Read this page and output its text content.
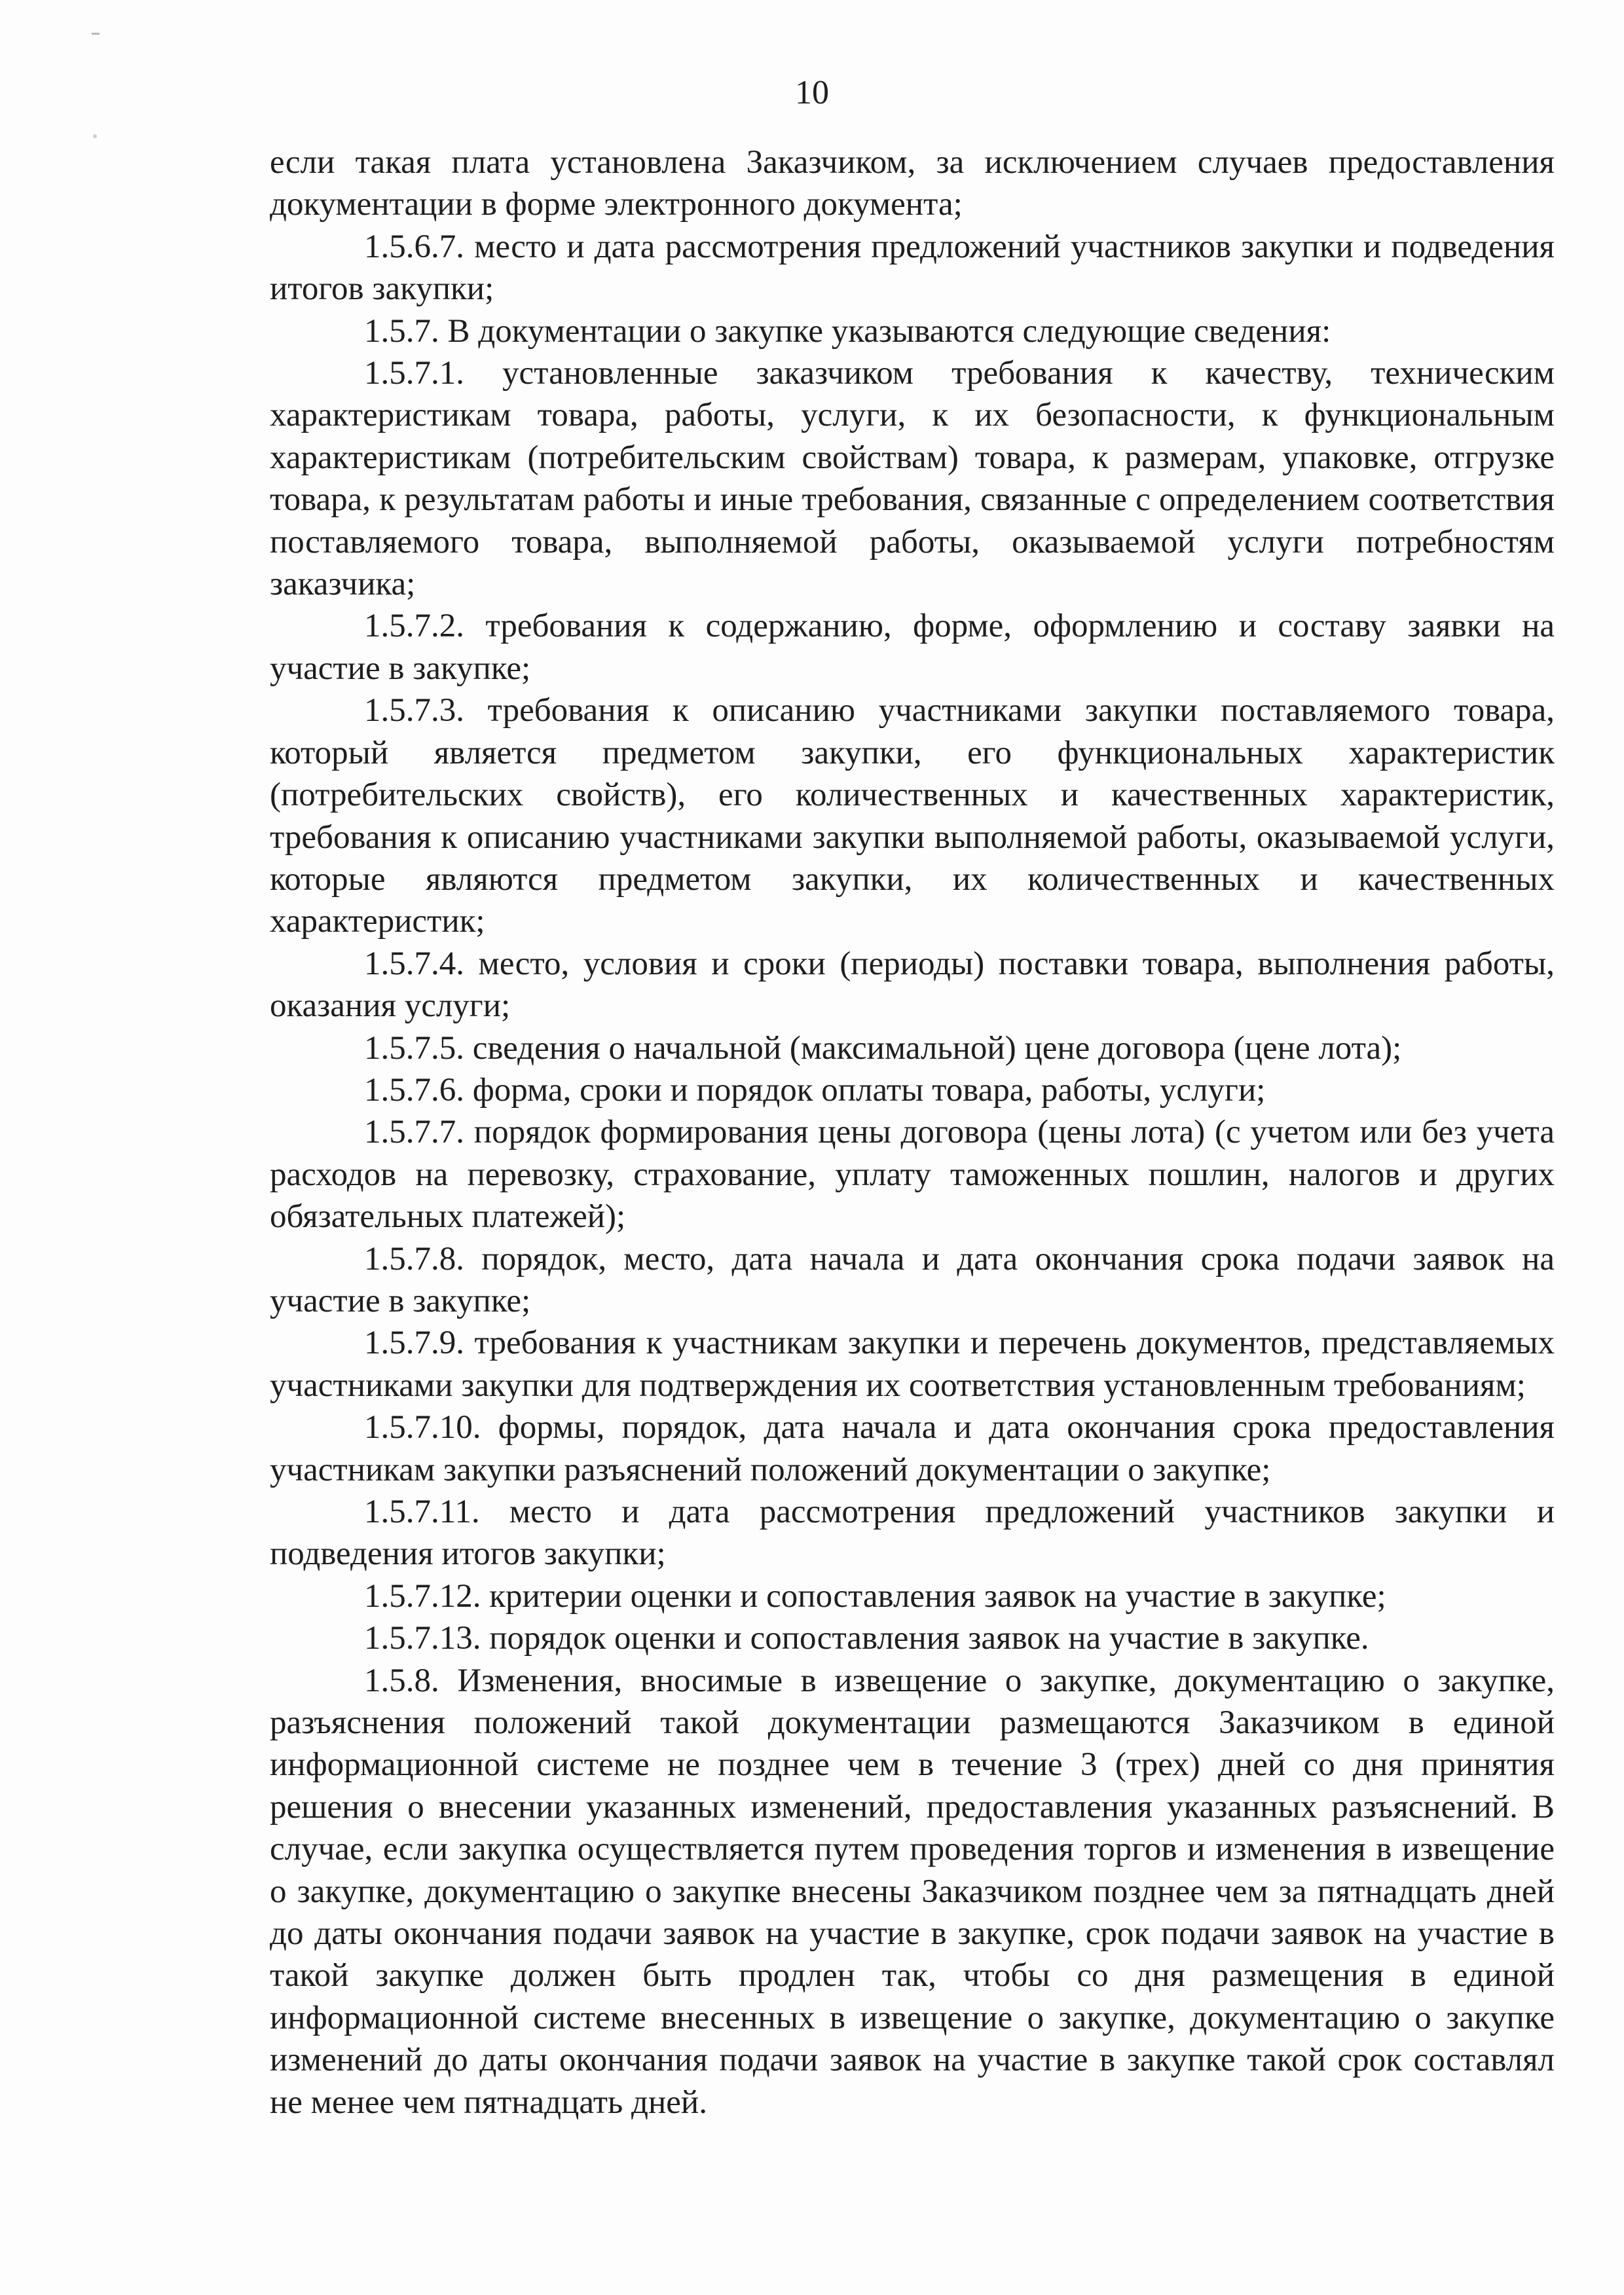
10

если такая плата установлена Заказчиком, за исключением случаев предоставления документации в форме электронного документа;

1.5.6.7. место и дата рассмотрения предложений участников закупки и подведения итогов закупки;

1.5.7. В документации о закупке указываются следующие сведения:

1.5.7.1. установленные заказчиком требования к качеству, техническим характеристикам товара, работы, услуги, к их безопасности, к функциональным характеристикам (потребительским свойствам) товара, к размерам, упаковке, отгрузке товара, к результатам работы и иные требования, связанные с определением соответствия поставляемого товара, выполняемой работы, оказываемой услуги потребностям заказчика;

1.5.7.2. требования к содержанию, форме, оформлению и составу заявки на участие в закупке;

1.5.7.3. требования к описанию участниками закупки поставляемого товара, который является предметом закупки, его функциональных характеристик (потребительских свойств), его количественных и качественных характеристик, требования к описанию участниками закупки выполняемой работы, оказываемой услуги, которые являются предметом закупки, их количественных и качественных характеристик;

1.5.7.4. место, условия и сроки (периоды) поставки товара, выполнения работы, оказания услуги;

1.5.7.5. сведения о начальной (максимальной) цене договора (цене лота);

1.5.7.6. форма, сроки и порядок оплаты товара, работы, услуги;

1.5.7.7. порядок формирования цены договора (цены лота) (с учетом или без учета расходов на перевозку, страхование, уплату таможенных пошлин, налогов и других обязательных платежей);

1.5.7.8. порядок, место, дата начала и дата окончания срока подачи заявок на участие в закупке;

1.5.7.9. требования к участникам закупки и перечень документов, представляемых участниками закупки для подтверждения их соответствия установленным требованиям;

1.5.7.10. формы, порядок, дата начала и дата окончания срока предоставления участникам закупки разъяснений положений документации о закупке;

1.5.7.11. место и дата рассмотрения предложений участников закупки и подведения итогов закупки;

1.5.7.12. критерии оценки и сопоставления заявок на участие в закупке;

1.5.7.13. порядок оценки и сопоставления заявок на участие в закупке.

1.5.8. Изменения, вносимые в извещение о закупке, документацию о закупке, разъяснения положений такой документации размещаются Заказчиком в единой информационной системе не позднее чем в течение 3 (трех) дней со дня принятия решения о внесении указанных изменений, предоставления указанных разъяснений. В случае, если закупка осуществляется путем проведения торгов и изменения в извещение о закупке, документацию о закупке внесены Заказчиком позднее чем за пятнадцать дней до даты окончания подачи заявок на участие в закупке, срок подачи заявок на участие в такой закупке должен быть продлен так, чтобы со дня размещения в единой информационной системе внесенных в извещение о закупке, документацию о закупке изменений до даты окончания подачи заявок на участие в закупке такой срок составлял не менее чем пятнадцать дней.
